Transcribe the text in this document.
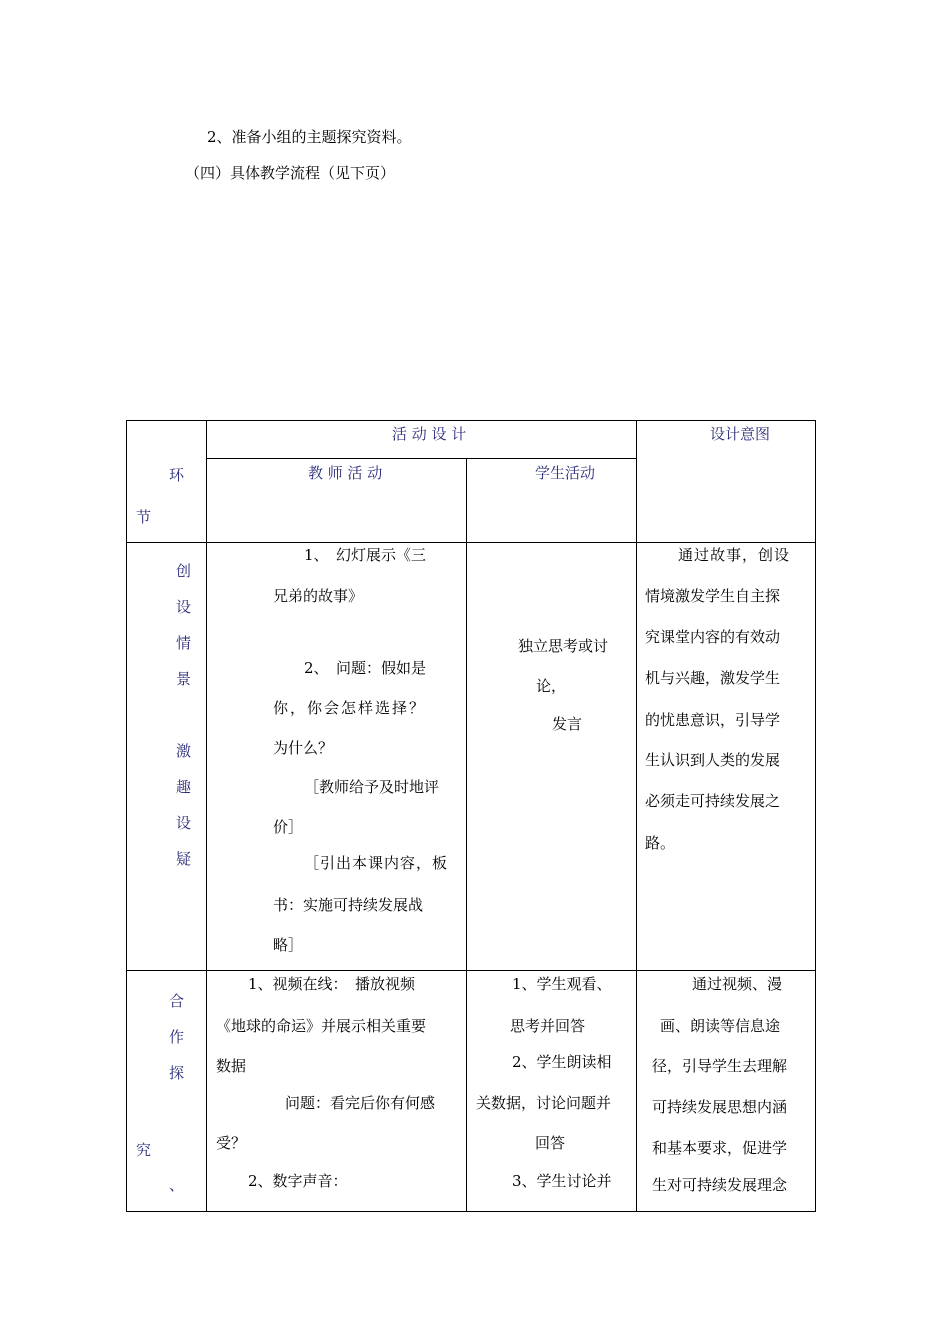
2、准备小组的主题探究资料。
（四）具体教学流程（见下页）
环
节
活 动 设 计	设计意图
教 师 活 动	学生活动
创
设
情
景
激
趣
设
疑
1、　幻灯展示《三
兄弟的故事》
2、　问题：假如是
你，你会怎样选择？
为什么？
［教师给予及时地评
价］
［引出本课内容，板
书：实施可持续发展战
略］
独立思考或讨
论，
发言
通过故事，创设
情境激发学生自主探
究课堂内容的有效动
机与兴趣，激发学生
的忧患意识，引导学
生认识到人类的发展
必须走可持续发展之
路。
合
作
探
究
、
1、视频在线：　播放视频
《地球的命运》并展示相关重要
数据
问题：看完后你有何感
受？
2、数字声音：
1、学生观看、
思考并回答
2、学生朗读相
关数据，讨论问题并
回答
3、学生讨论并
通过视频、漫
画、朗读等信息途
径，引导学生去理解
可持续发展思想内涵
和基本要求，促进学
生对可持续发展理念
